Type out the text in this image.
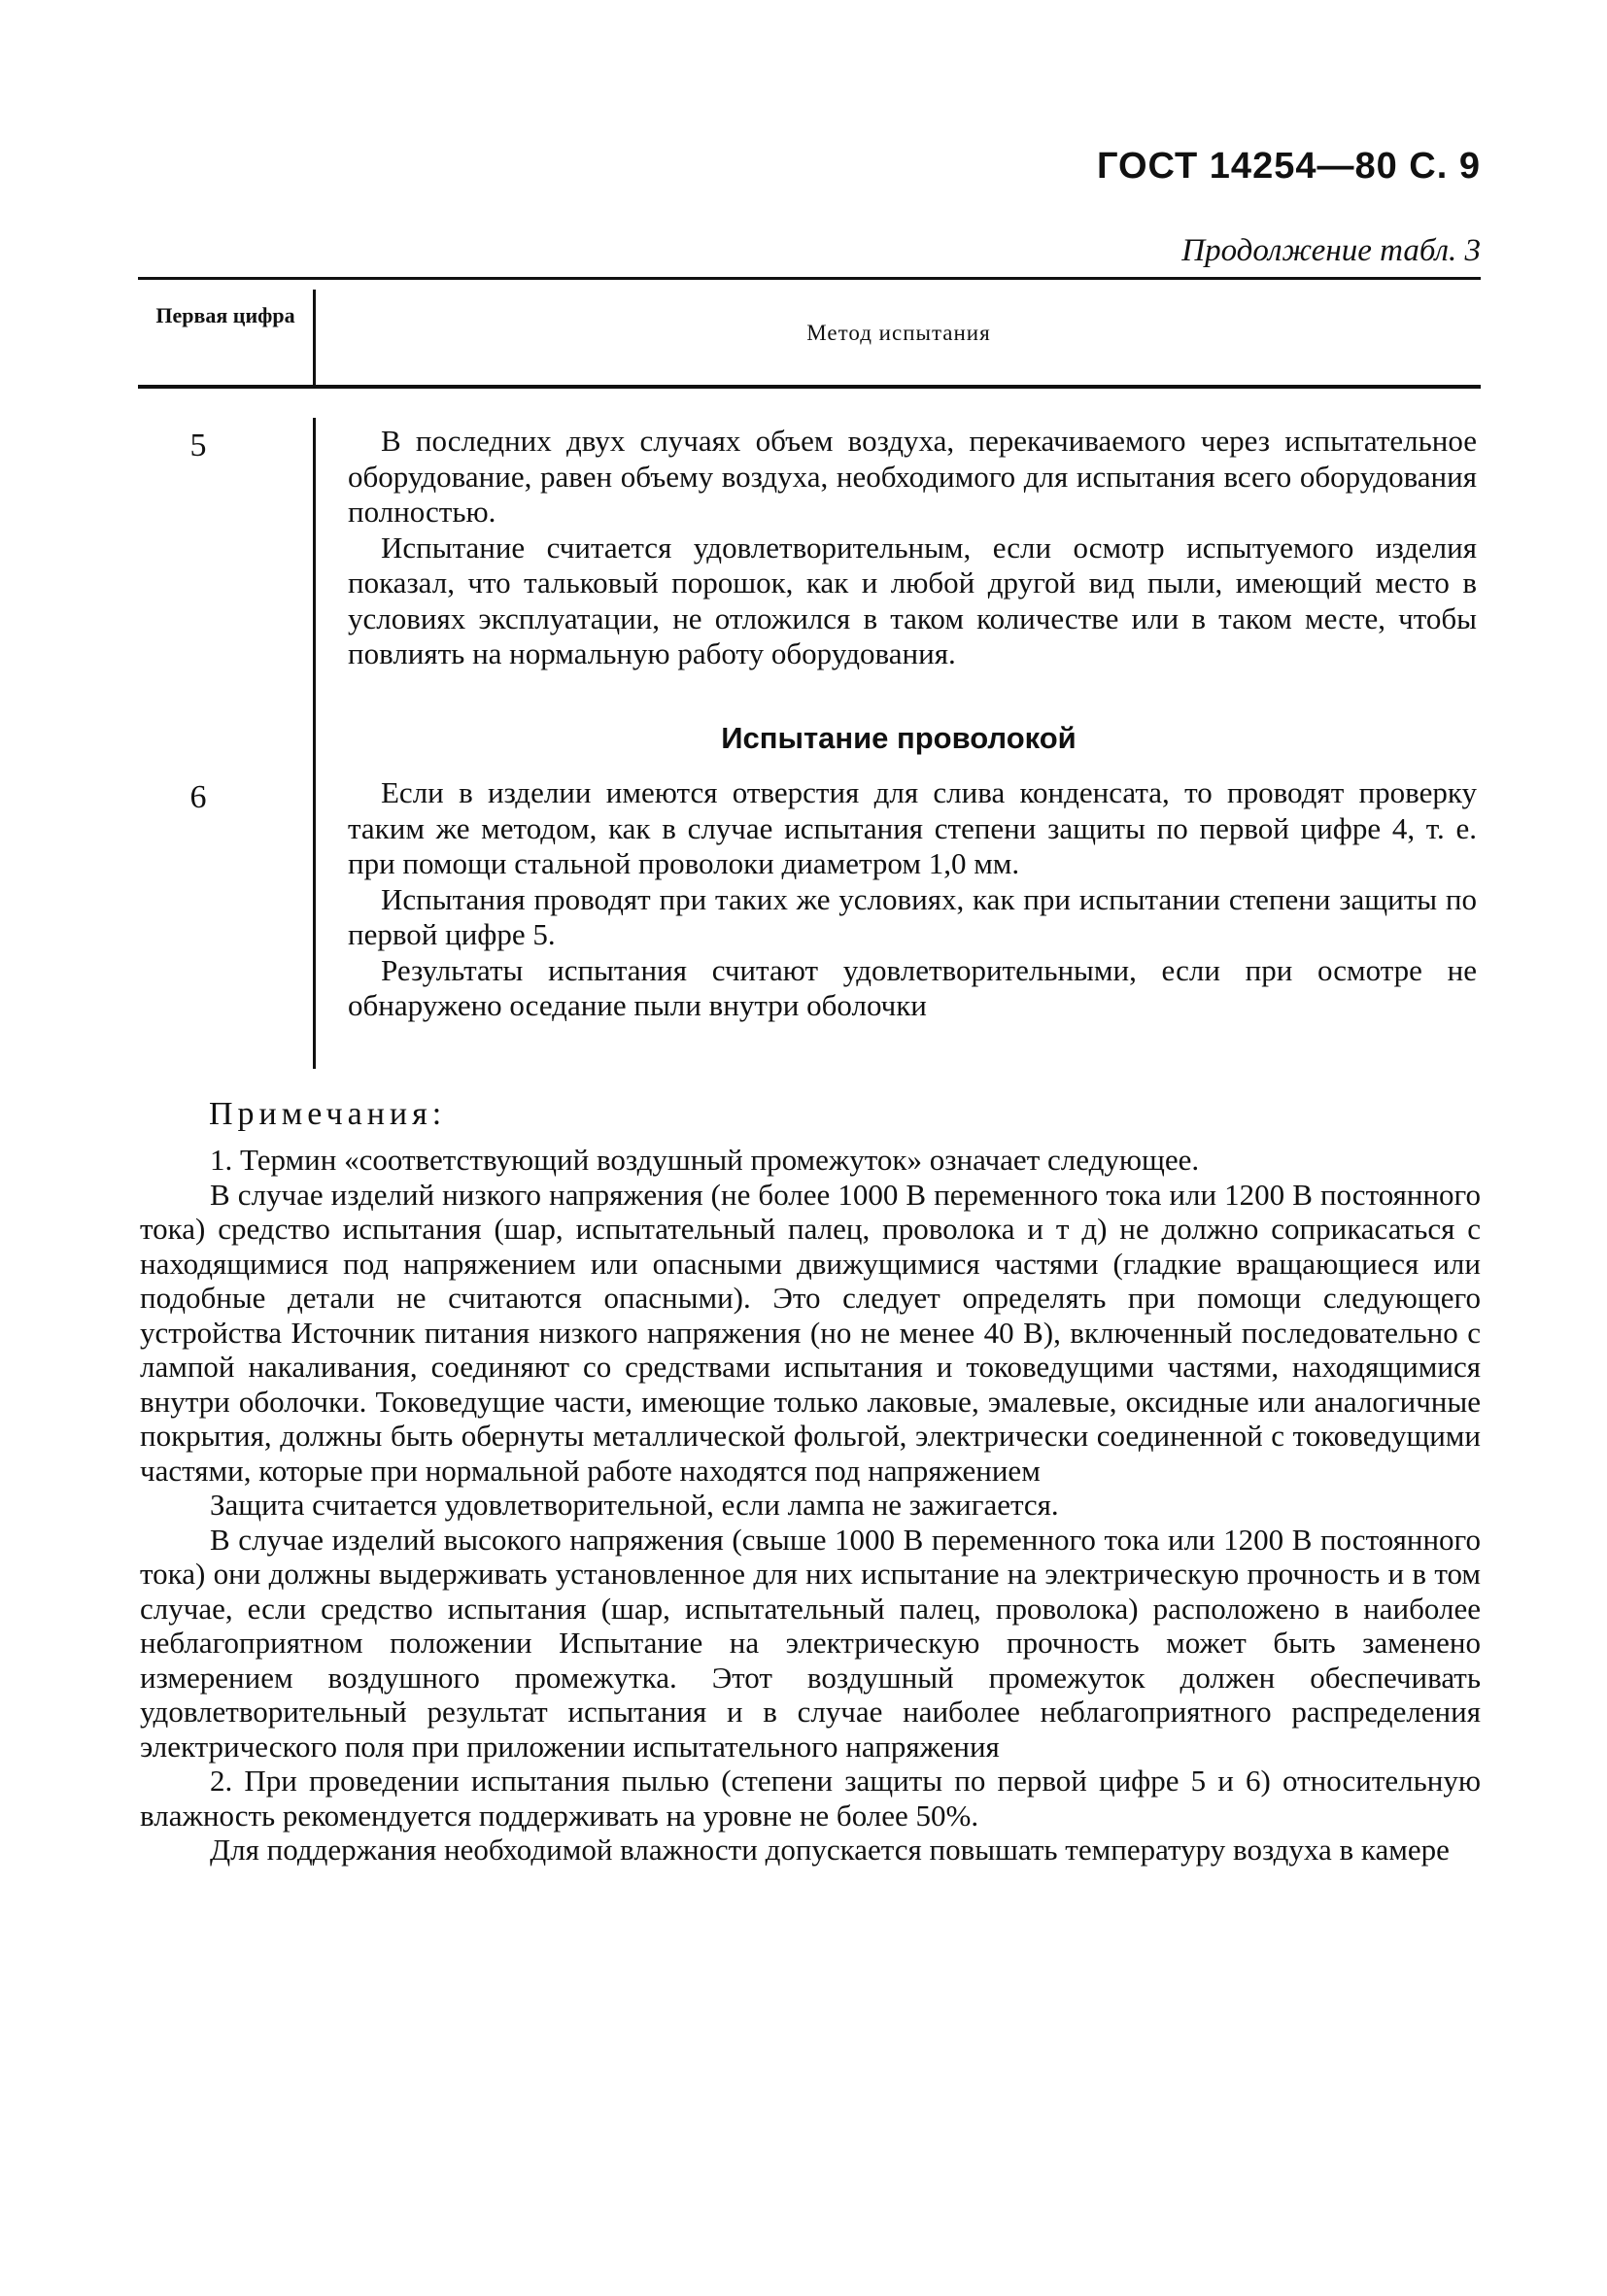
ГОСТ 14254—80 С. 9
Продолжение табл. 3
Первая цифра
Метод испытания
5	В последних двух случаях объем воздуха, перекачиваемого через испытательное оборудование, равен объему воздуха, необходимого для испытания всего оборудования полностью.

Испытание считается удовлетворительным, если осмотр испытуемого изделия показал, что тальковый порошок, как и любой другой вид пыли, имеющий место в условиях эксплуатации, не отложился в таком количестве или в таком месте, чтобы повлиять на нормальную работу оборудования.

Испытание проволокой
6	Если в изделии имеются отверстия для слива конденсата, то проводят проверку таким же методом, как в случае испытания степени защиты по первой цифре 4, т. е. при помощи стальной проволоки диаметром 1,0 мм.

Испытания проводят при таких же условиях, как при испытании степени защиты по первой цифре 5.

Результаты испытания считают удовлетворительными, если при осмотре не обнаружено оседание пыли внутри оболочки

Примечания:

1. Термин «соответствующий воздушный промежуток» означает следующее.

В случае изделий низкого напряжения (не более 1000 В переменного тока или 1200 В постоянного тока) средство испытания (шар, испытательный палец, проволока и т д) не должно соприкасаться с находящимися под напряжением или опасными движущимися частями (гладкие вращающиеся или подобные детали не считаются опасными). Это следует определять при помощи следующего устройства Источник питания низкого напряжения (но не менее 40 В), включенный последовательно с лампой накаливания, соединяют со средствами испытания и токоведущими частями, находящимися внутри оболочки. Токоведущие части, имеющие только лаковые, эмалевые, оксидные или аналогичные покрытия, должны быть обернуты металлической фольгой, электрически соединенной с токоведущими частями, которые при нормальной работе находятся под напряжением

Защита считается удовлетворительной, если лампа не зажигается.

В случае изделий высокого напряжения (свыше 1000 В переменного тока или 1200 В постоянного тока) они должны выдерживать установленное для них испытание на электрическую прочность и в том случае, если средство испытания (шар, испытательный палец, проволока) расположено в наиболее неблагоприятном положении Испытание на электрическую прочность может быть заменено измерением воздушного промежутка. Этот воздушный промежуток должен обеспечивать удовлетворительный результат испытания и в случае наиболее неблагоприятного распределения электрического поля при приложении испытательного напряжения

2. При проведении испытания пылью (степени защиты по первой цифре 5 и 6) относительную влажность рекомендуется поддерживать на уровне не более 50%.

Для поддержания необходимой влажности допускается повышать температуру воздуха в камере
